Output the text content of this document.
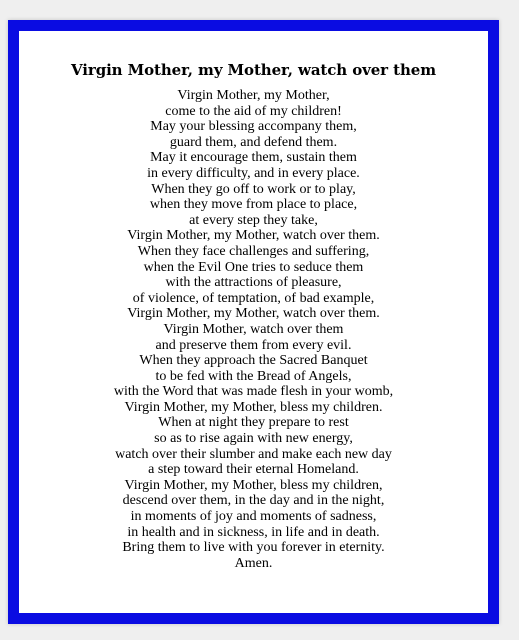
Virgin Mother, my Mother, watch over them
Virgin Mother, my Mother,
come to the aid of my children!
May your blessing accompany them,
guard them, and defend them.
May it encourage them, sustain them
in every difficulty, and in every place.
When they go off to work or to play,
when they move from place to place,
at every step they take,
Virgin Mother, my Mother, watch over them.
When they face challenges and suffering,
when the Evil One tries to seduce them
with the attractions of pleasure,
of violence, of temptation, of bad example,
Virgin Mother, my Mother, watch over them.
Virgin Mother, watch over them
and preserve them from every evil.
When they approach the Sacred Banquet
to be fed with the Bread of Angels,
with the Word that was made flesh in your womb,
Virgin Mother, my Mother, bless my children.
When at night they prepare to rest
so as to rise again with new energy,
watch over their slumber and make each new day
a step toward their eternal Homeland.
Virgin Mother, my Mother, bless my children,
descend over them, in the day and in the night,
in moments of joy and moments of sadness,
in health and in sickness, in life and in death.
Bring them to live with you forever in eternity.
Amen.
